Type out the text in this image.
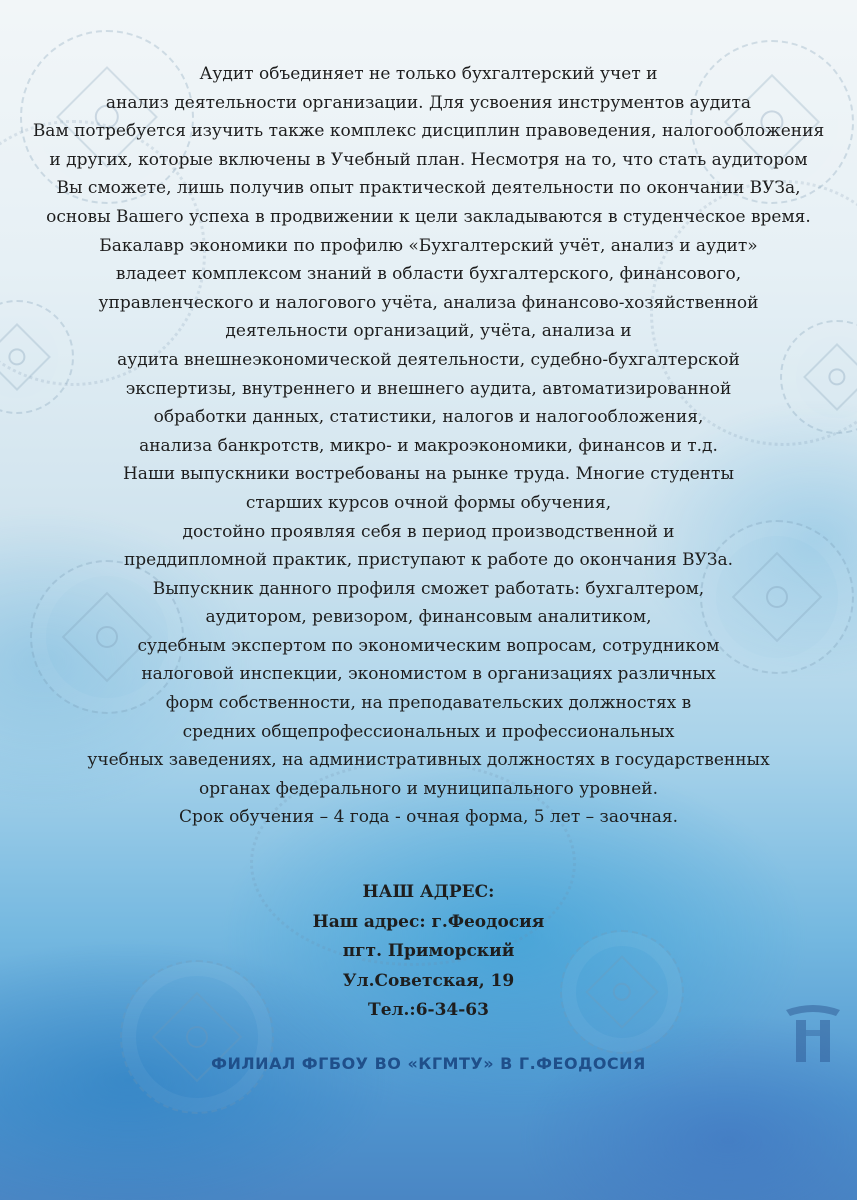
Аудит объединяет не только бухгалтерский учет и
анализ деятельности организации. Для усвоения инструментов аудита
Вам потребуется изучить также комплекс дисциплин правоведения, налогообложения
и других, которые включены в Учебный план. Несмотря на то, что стать аудитором
Вы сможете, лишь получив опыт практической деятельности по окончании ВУЗа,
основы Вашего успеха в продвижении к цели закладываются в студенческое время.
Бакалавр экономики по профилю «Бухгалтерский учёт, анализ и аудит»
владеет комплексом знаний в области бухгалтерского, финансового,
управленческого и налогового учёта, анализа финансово-хозяйственной
деятельности организаций, учёта, анализа и
аудита внешнеэкономической деятельности, судебно-бухгалтерской
экспертизы, внутреннего и внешнего аудита, автоматизированной
обработки данных, статистики, налогов и налогообложения,
анализа банкротств, микро- и макроэкономики, финансов и т.д.
Наши выпускники востребованы на рынке труда. Многие студенты
старших курсов очной формы обучения,
достойно проявляя себя в период производственной и
преддипломной практик, приступают к работе до окончания ВУЗа.
Выпускник данного профиля сможет работать: бухгалтером,
аудитором, ревизором, финансовым аналитиком,
судебным экспертом по экономическим вопросам, сотрудником
налоговой инспекции, экономистом в организациях различных
форм собственности, на преподавательских должностях в
средних общепрофессиональных и профессиональных
учебных заведениях, на административных должностях в государственных
органах федерального и муниципального уровней.
Срок обучения – 4 года - очная форма, 5 лет – заочная.
НАШ АДРЕС:
Наш адрес: г.Феодосия
пгт. Приморский
Ул.Советская, 19
Тел.:6-34-63
ФИЛИАЛ ФГБОУ ВО «КГМТУ» В Г.ФЕОДОСИЯ
